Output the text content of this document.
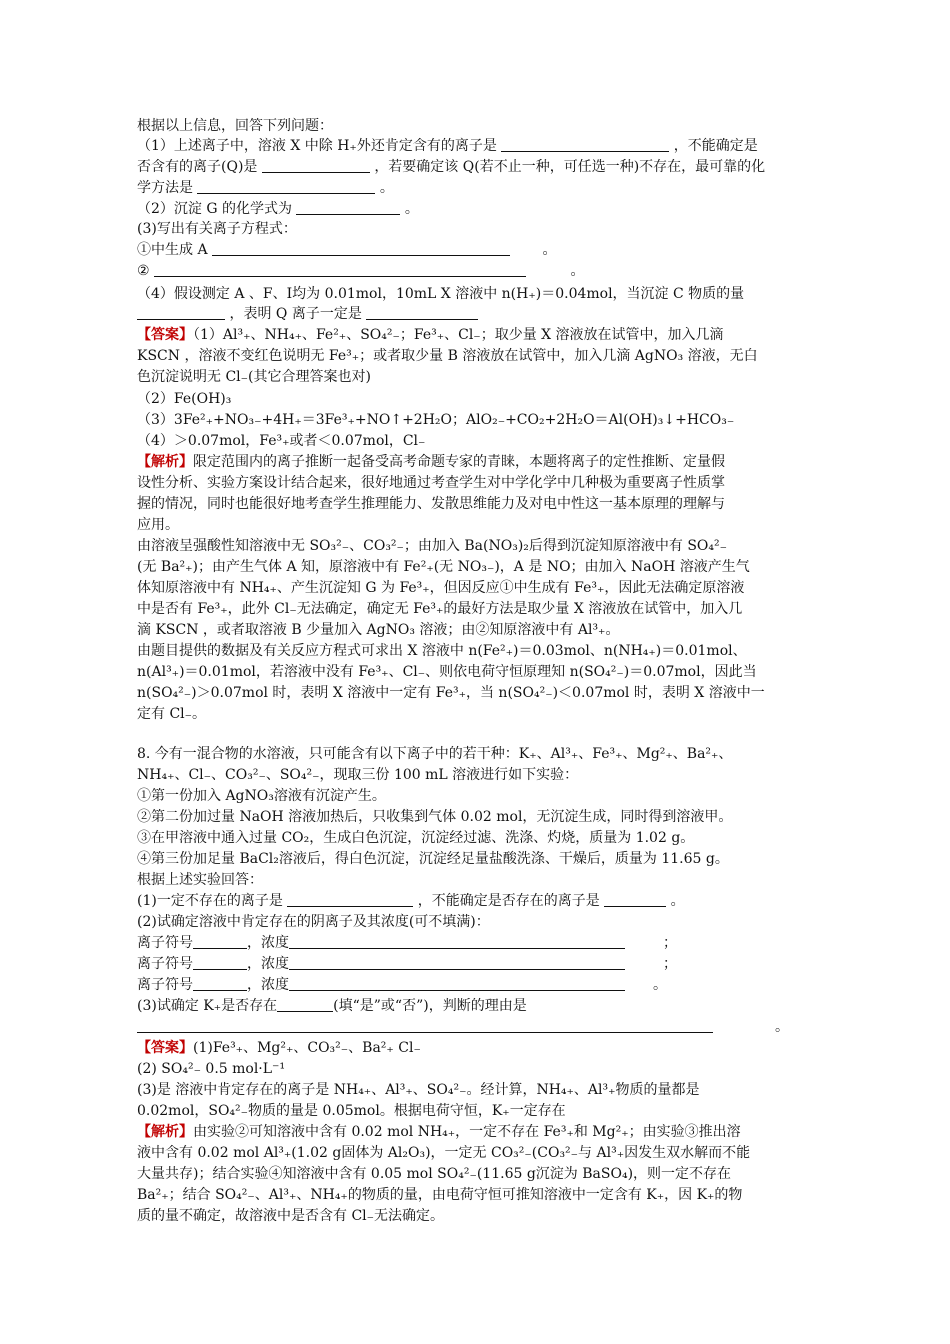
根据以上信息，回答下列问题：
（1）上述离子中，溶液 X 中除 H₊外还肯定含有的离子是	，不能确定是
否含有的离子(Q)是	，若要确定该 Q(若不止一种，可任选一种)不存在，最可靠的化
学方法是	。
（2）沉淀 G 的化学式为	。
(3)写出有关离子方程式：
①中生成 A	。
②	。
（4）假设测定 A 、F、I均为 0.01mol，10mL X 溶液中 n(H₊)＝0.04mol，当沉淀 C 物质的量
，表明 Q 离子一定是
【答案】（1）Al³₊、NH₄₊、Fe²₊、SO₄²₋；Fe³₊、Cl₋；取少量 X 溶液放在试管中，加入几滴
KSCN ，溶液不变红色说明无 Fe³₊；或者取少量 B 溶液放在试管中，加入几滴 AgNO₃ 溶液，无白
色沉淀说明无 Cl₋(其它合理答案也对)
（2）Fe(OH)₃
（3）3Fe²₊+NO₃₋+4H₊＝3Fe³₊+NO↑+2H₂O；AlO₂₋+CO₂+2H₂O＝Al(OH)₃↓+HCO₃₋
（4）＞0.07mol，Fe³₊或者＜0.07mol，Cl₋
【解析】限定范围内的离子推断一起备受高考命题专家的青睐，本题将离子的定性推断、定量假
设性分析、实验方案设计结合起来，很好地通过考查学生对中学化学中几种极为重要离子性质掌
握的情况，同时也能很好地考查学生推理能力、发散思维能力及对电中性这一基本原理的理解与
应用。
由溶液呈强酸性知溶液中无 SO₃²₋、CO₃²₋；由加入 Ba(NO₃)₂后得到沉淀知原溶液中有 SO₄²₋
(无 Ba²₊)；由产生气体 A 知，原溶液中有 Fe²₊(无 NO₃₋)，A 是 NO；由加入 NaOH 溶液产生气
体知原溶液中有 NH₄₊、产生沉淀知 G 为 Fe³₊，但因反应①中生成有 Fe³₊，因此无法确定原溶液
中是否有 Fe³₊，此外 Cl₋无法确定，确定无 Fe³₊的最好方法是取少量 X 溶液放在试管中，加入几
滴 KSCN ，或者取溶液 B 少量加入 AgNO₃ 溶液；由②知原溶液中有 Al³₊。
由题目提供的数据及有关反应方程式可求出 X 溶液中 n(Fe²₊)＝0.03mol、n(NH₄₊)＝0.01mol、
n(Al³₊)＝0.01mol，若溶液中没有 Fe³₊、Cl₋、则依电荷守恒原理知 n(SO₄²₋)＝0.07mol，因此当
n(SO₄²₋)＞0.07mol 时，表明 X 溶液中一定有 Fe³₊，当 n(SO₄²₋)＜0.07mol 时，表明 X 溶液中一
定有 Cl₋。
8. 今有一混合物的水溶液，只可能含有以下离子中的若干种：K₊、Al³₊、Fe³₊、Mg²₊、Ba²₊、
NH₄₊、Cl₋、CO₃²₋、SO₄²₋，现取三份 100 mL 溶液进行如下实验：
①第一份加入 AgNO₃溶液有沉淀产生。
②第二份加过量 NaOH 溶液加热后，只收集到气体 0.02 mol，无沉淀生成，同时得到溶液甲。
③在甲溶液中通入过量 CO₂，生成白色沉淀，沉淀经过滤、洗涤、灼烧，质量为 1.02 g。
④第三份加足量 BaCl₂溶液后，得白色沉淀，沉淀经足量盐酸洗涤、干燥后，质量为 11.65 g。
根据上述实验回答：
(1)一定不存在的离子是	，不能确定是否存在的离子是	。
(2)试确定溶液中肯定存在的阴离子及其浓度(可不填满)：
离子符号	，浓度	；
离子符号	，浓度	；
离子符号	，浓度	。
(3)试确定 K₊是否存在	(填“是”或“否”)，判断的理由是
。
【答案】(1)Fe³₊、Mg²₊、CO₃²₋、Ba²₊ Cl₋
(2) SO₄²₋ 0.5 mol·L⁻¹
(3)是 溶液中肯定存在的离子是 NH₄₊、Al³₊、SO₄²₋。经计算，NH₄₊、Al³₊物质的量都是
0.02mol，SO₄²₋物质的量是 0.05mol。根据电荷守恒，K₊一定存在
【解析】由实验②可知溶液中含有 0.02 mol NH₄₊，一定不存在 Fe³₊和 Mg²₊；由实验③推出溶
液中含有 0.02 mol Al³₊(1.02 g固体为 Al₂O₃)，一定无 CO₃²₋(CO₃²₋与 Al³₊因发生双水解而不能
大量共存)；结合实验④知溶液中含有 0.05 mol SO₄²₋(11.65 g沉淀为 BaSO₄)，则一定不存在
Ba²₊；结合 SO₄²₋、Al³₊、NH₄₊的物质的量，由电荷守恒可推知溶液中一定含有 K₊，因 K₊的物
质的量不确定，故溶液中是否含有 Cl₋无法确定。
